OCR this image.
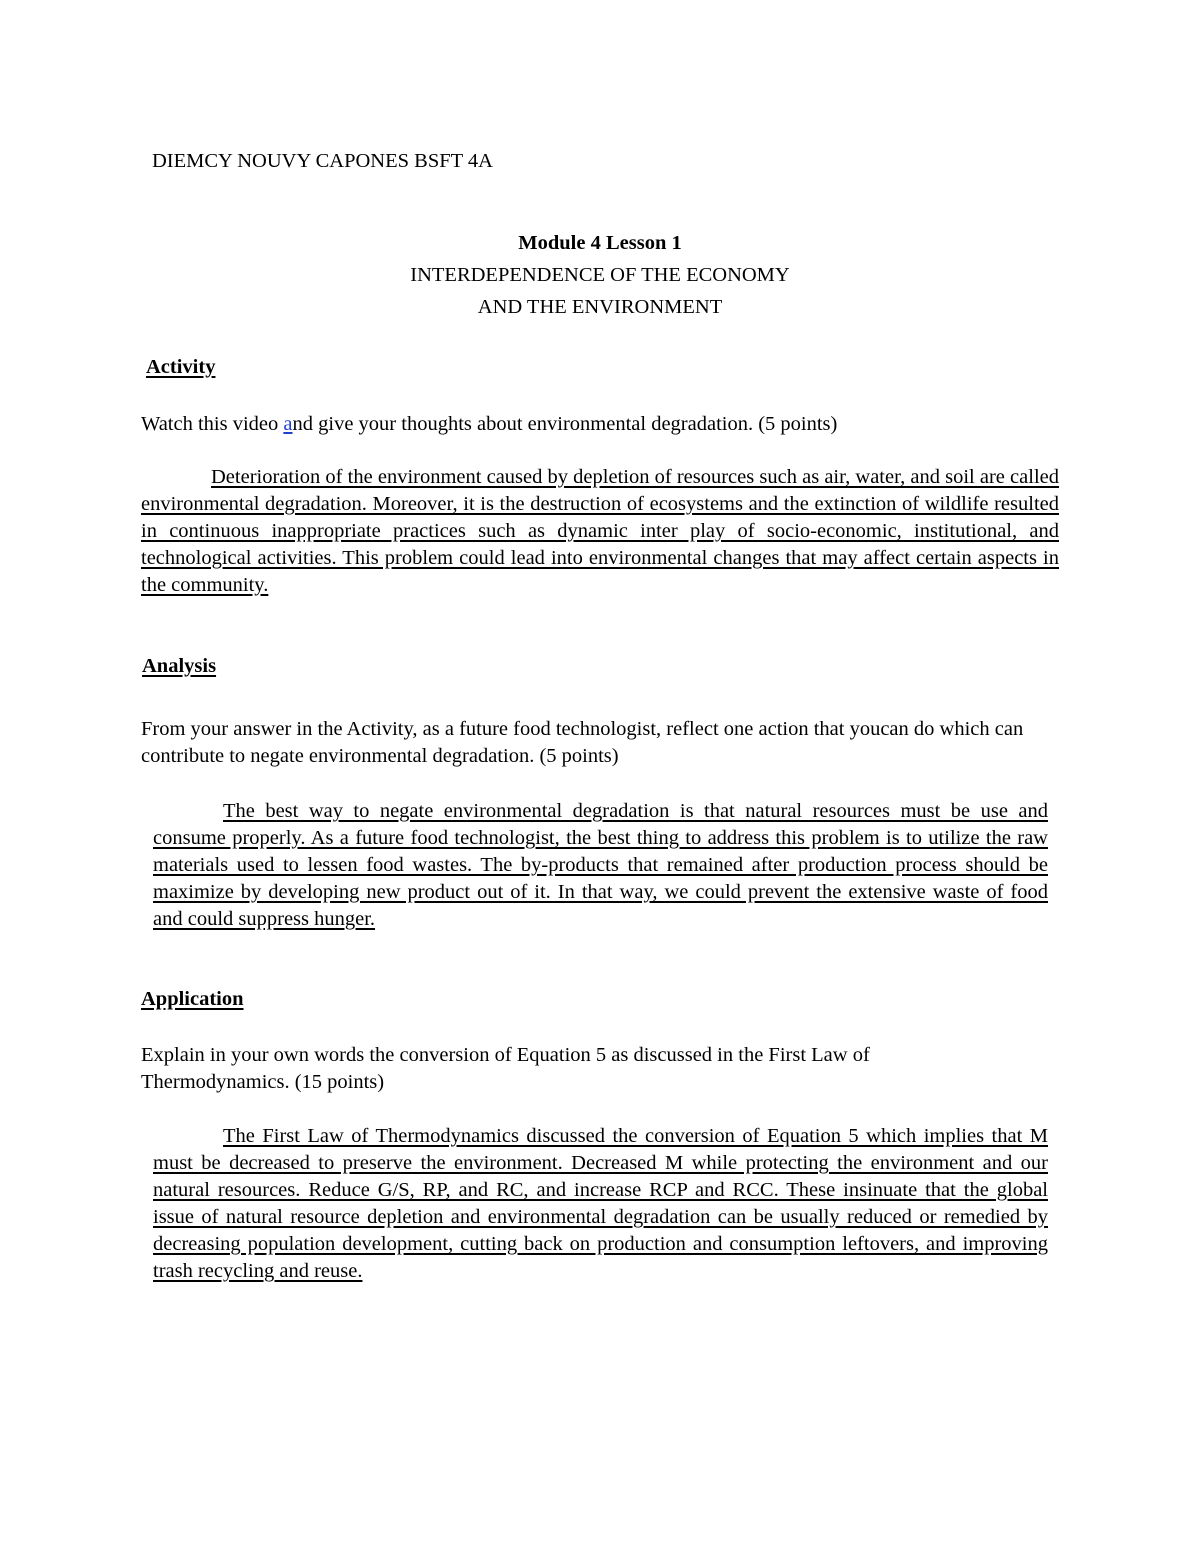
DIEMCY NOUVY CAPONES BSFT 4A

Module 4 Lesson 1

INTERDEPENDENCE OF THE ECONOMY

AND THE ENVIRONMENT

Activity

Watch this video and give your thoughts about environmental degradation. (5 points)

Deterioration of the environment caused by depletion of resources such as air, water, and soil are called environmental degradation. Moreover, it is the destruction of ecosystems and the extinction of wildlife resulted in continuous inappropriate practices such as dynamic inter play of socio-economic, institutional, and technological activities. This problem could lead into environmental changes that may affect certain aspects in the community.

Analysis

From your answer in the Activity, as a future food technologist, reflect one action that youcan do which can contribute to negate environmental degradation. (5 points)

The best way to negate environmental degradation is that natural resources must be use and consume properly. As a future food technologist, the best thing to address this problem is to utilize the raw materials used to lessen food wastes. The by-products that remained after production process should be maximize by developing new product out of it. In that way, we could prevent the extensive waste of food and could suppress hunger.

Application

Explain in your own words the conversion of Equation 5 as discussed in the First Law of Thermodynamics. (15 points)

The First Law of Thermodynamics discussed the conversion of Equation 5 which implies that M must be decreased to preserve the environment. Decreased M while protecting the environment and our natural resources. Reduce G/S, RP, and RC, and increase RCP and RCC. These insinuate that the global issue of natural resource depletion and environmental degradation can be usually reduced or remedied by decreasing population development, cutting back on production and consumption leftovers, and improving trash recycling and reuse.
